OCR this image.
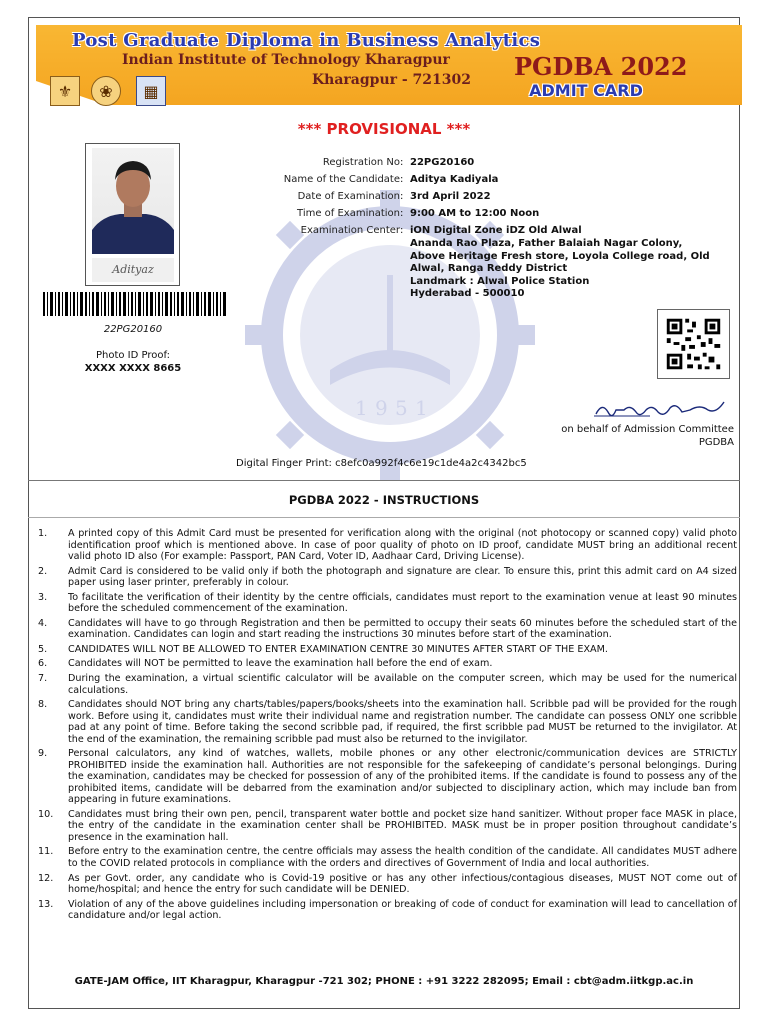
Post Graduate Diploma in Business Analytics
Indian Institute of Technology Kharagpur
Kharagpur - 721302 PGDBA 2022
ADMIT CARD
⚜	❀	▦
1 9 5 1
*** PROVISIONAL ***
Adityaz
22PG20160
Photo ID Proof:
XXXX XXXX 8665
Registration No : 22PG20160
Name of the Candidate : Aditya Kadiyala
Date of Examination : 3rd April 2022
Time of Examination : 9:00 AM to 12:00 Noon
Examination Center : iON Digital Zone iDZ Old Alwal
Ananda Rao Plaza, Father Balaiah Nagar Colony,
Above Heritage Fresh store, Loyola College road, Old
Alwal, Ranga Reddy District
Landmark : Alwal Police Station
Hyderabad - 500010
on behalf of Admission Committee
PGDBA
Digital Finger Print: c8efc0a992f4c6e19c1de4a2c4342bc5
PGDBA 2022 - INSTRUCTIONS
1.	A printed copy of this Admit Card must be presented for verification along with the original (not photocopy or scanned copy) valid photo identification proof which is mentioned above. In case of poor quality of photo on ID proof, candidate MUST bring an additional recent valid photo ID also (For example: Passport, PAN Card, Voter ID, Aadhaar Card, Driving License).
2.	Admit Card is considered to be valid only if both the photograph and signature are clear. To ensure this, print this admit card on A4 sized paper using laser printer, preferably in colour.
3.	To facilitate the verification of their identity by the centre officials, candidates must report to the examination venue at least 90 minutes before the scheduled commencement of the examination.
4.	Candidates will have to go through Registration and then be permitted to occupy their seats 60 minutes before the scheduled start of the examination. Candidates can login and start reading the instructions 30 minutes before start of the examination.
5.	CANDIDATES WILL NOT BE ALLOWED TO ENTER EXAMINATION CENTRE 30 MINUTES AFTER START OF THE EXAM.
6.	Candidates will NOT be permitted to leave the examination hall before the end of exam.
7.	During the examination, a virtual scientific calculator will be available on the computer screen, which may be used for the numerical calculations.
8.	Candidates should NOT bring any charts/tables/papers/books/sheets into the examination hall. Scribble pad will be provided for the rough work. Before using it, candidates must write their individual name and registration number. The candidate can possess ONLY one scribble pad at any point of time. Before taking the second scribble pad, if required, the first scribble pad MUST be returned to the invigilator. At the end of the examination, the remaining scribble pad must also be returned to the invigilator.
9.	Personal calculators, any kind of watches, wallets, mobile phones or any other electronic/communication devices are STRICTLY PROHIBITED inside the examination hall. Authorities are not responsible for the safekeeping of candidate’s personal belongings. During the examination, candidates may be checked for possession of any of the prohibited items. If the candidate is found to possess any of the prohibited items, candidate will be debarred from the examination and/or subjected to disciplinary action, which may include ban from appearing in future examinations.
10.	Candidates must bring their own pen, pencil, transparent water bottle and pocket size hand sanitizer. Without proper face MASK in place, the entry of the candidate in the examination center shall be PROHIBITED. MASK must be in proper position throughout candidate’s presence in the examination hall.
11.	Before entry to the examination centre, the centre officials may assess the health condition of the candidate. All candidates MUST adhere to the COVID related protocols in compliance with the orders and directives of Government of India and local authorities.
12.	As per Govt. order, any candidate who is Covid-19 positive or has any other infectious/contagious diseases, MUST NOT come out of home/hospital; and hence the entry for such candidate will be DENIED.
13.	Violation of any of the above guidelines including impersonation or breaking of code of conduct for examination will lead to cancellation of candidature and/or legal action.
GATE-JAM Office, IIT Kharagpur, Kharagpur -721 302; PHONE : +91 3222 282095; Email : cbt@adm.iitkgp.ac.in
